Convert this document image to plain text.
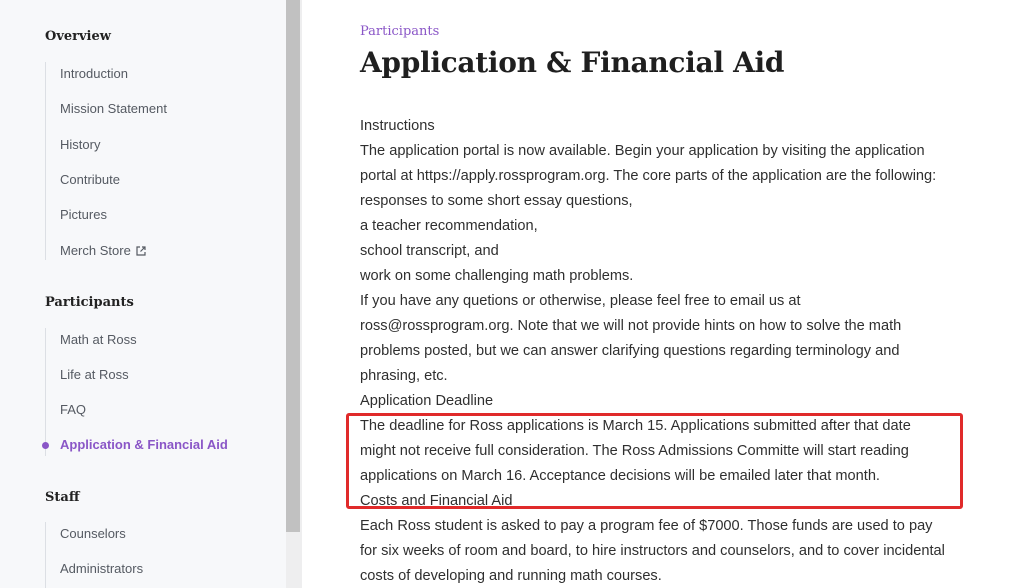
Overview
Introduction
Mission Statement
History
Contribute
Pictures
Merch Store
Participants
Math at Ross
Life at Ross
FAQ
Application & Financial Aid
Staff
Counselors
Administrators
Participants
Application & Financial Aid
Instructions
The application portal is now available. Begin your application by visiting the application
portal at https://apply.rossprogram.org. The core parts of the application are the following:
responses to some short essay questions,
a teacher recommendation,
school transcript, and
work on some challenging math problems.
If you have any quetions or otherwise, please feel free to email us at
ross@rossprogram.org. Note that we will not provide hints on how to solve the math
problems posted, but we can answer clarifying questions regarding terminology and
phrasing, etc.
Application Deadline
The deadline for Ross applications is March 15. Applications submitted after that date
might not receive full consideration. The Ross Admissions Committe will start reading
applications on March 16. Acceptance decisions will be emailed later that month.
Costs and Financial Aid
Each Ross student is asked to pay a program fee of $7000. Those funds are used to pay
for six weeks of room and board, to hire instructors and counselors, and to cover incidental
costs of developing and running math courses.
